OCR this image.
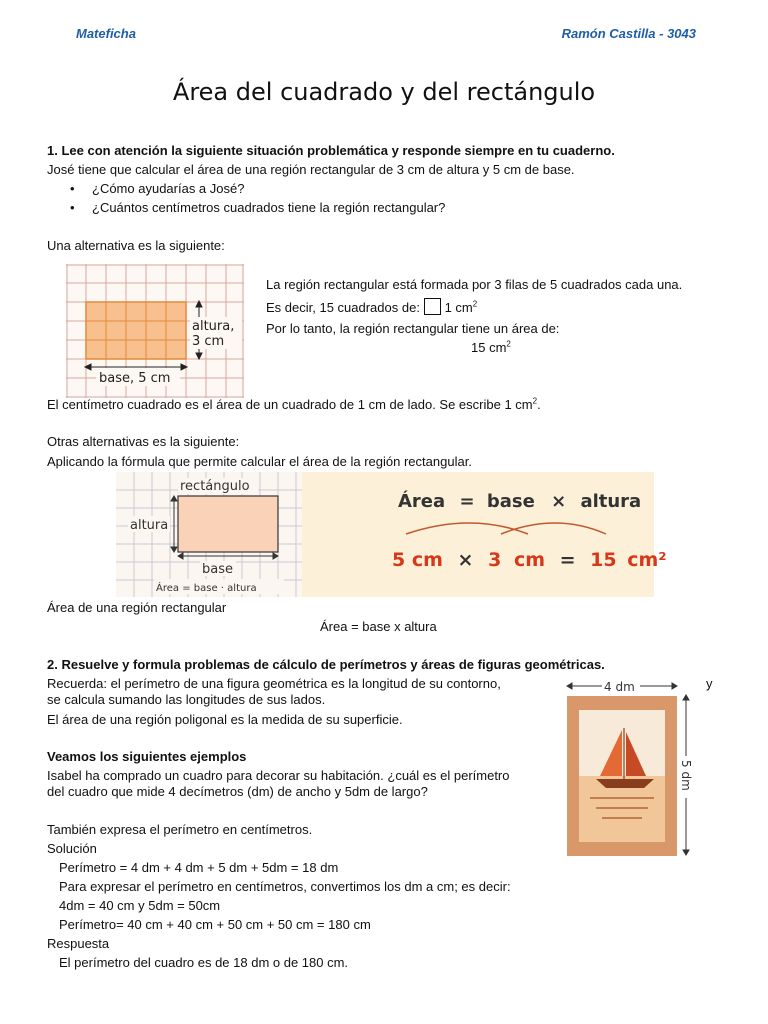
Mateficha	Ramón Castilla - 3043
Área del cuadrado y del rectángulo
1. Lee con atención la siguiente situación problemática y responde siempre en tu cuaderno.
José tiene que calcular el área de una región rectangular de 3 cm de altura y 5 cm de base.
• ¿Cómo ayudarías a José?
• ¿Cuántos centímetros cuadrados tiene la región rectangular?
Una alternativa es la siguiente:
altura,
3 cm
base, 5 cm
La región rectangular está formada por 3 filas de 5 cuadrados cada una.
Es decir, 15 cuadrados de: 1 $cm^2$
Por lo tanto, la región rectangular tiene un área de:
15 $cm^2$
El centímetro cuadrado es el área de un cuadrado de 1 cm de lado. Se escribe 1 $cm^2$.
Otras alternativas es la siguiente:
Aplicando la fórmula que permite calcular el área de la región rectangular.
rectángulo
altura
base
Área = base · altura
Área = base × altura
5 cm × 3 cm = 15 cm²
Área de una región rectangular
Área = base x altura
2. Resuelve y formula problemas de cálculo de perímetros y áreas de figuras geométricas.
Recuerda: el perímetro de una figura geométrica es la longitud de su contorno,	y
se calcula sumando las longitudes de sus lados.
El área de una región poligonal es la medida de su superficie.
Veamos los siguientes ejemplos
Isabel ha comprado un cuadro para decorar su habitación. ¿cuál es el perímetro
del cuadro que mide 4 decímetros (dm) de ancho y 5dm de largo?
También expresa el perímetro en centímetros.
Solución
Perímetro = 4 dm + 4 dm + 5 dm + 5dm = 18 dm
Para expresar el perímetro en centímetros, convertimos los dm a cm; es decir:
4dm = 40 cm y 5dm = 50cm
Perímetro= 40 cm + 40 cm + 50 cm + 50 cm = 180 cm
Respuesta
El perímetro del cuadro es de 18 dm o de 180 cm.
4 dm
5 dm
